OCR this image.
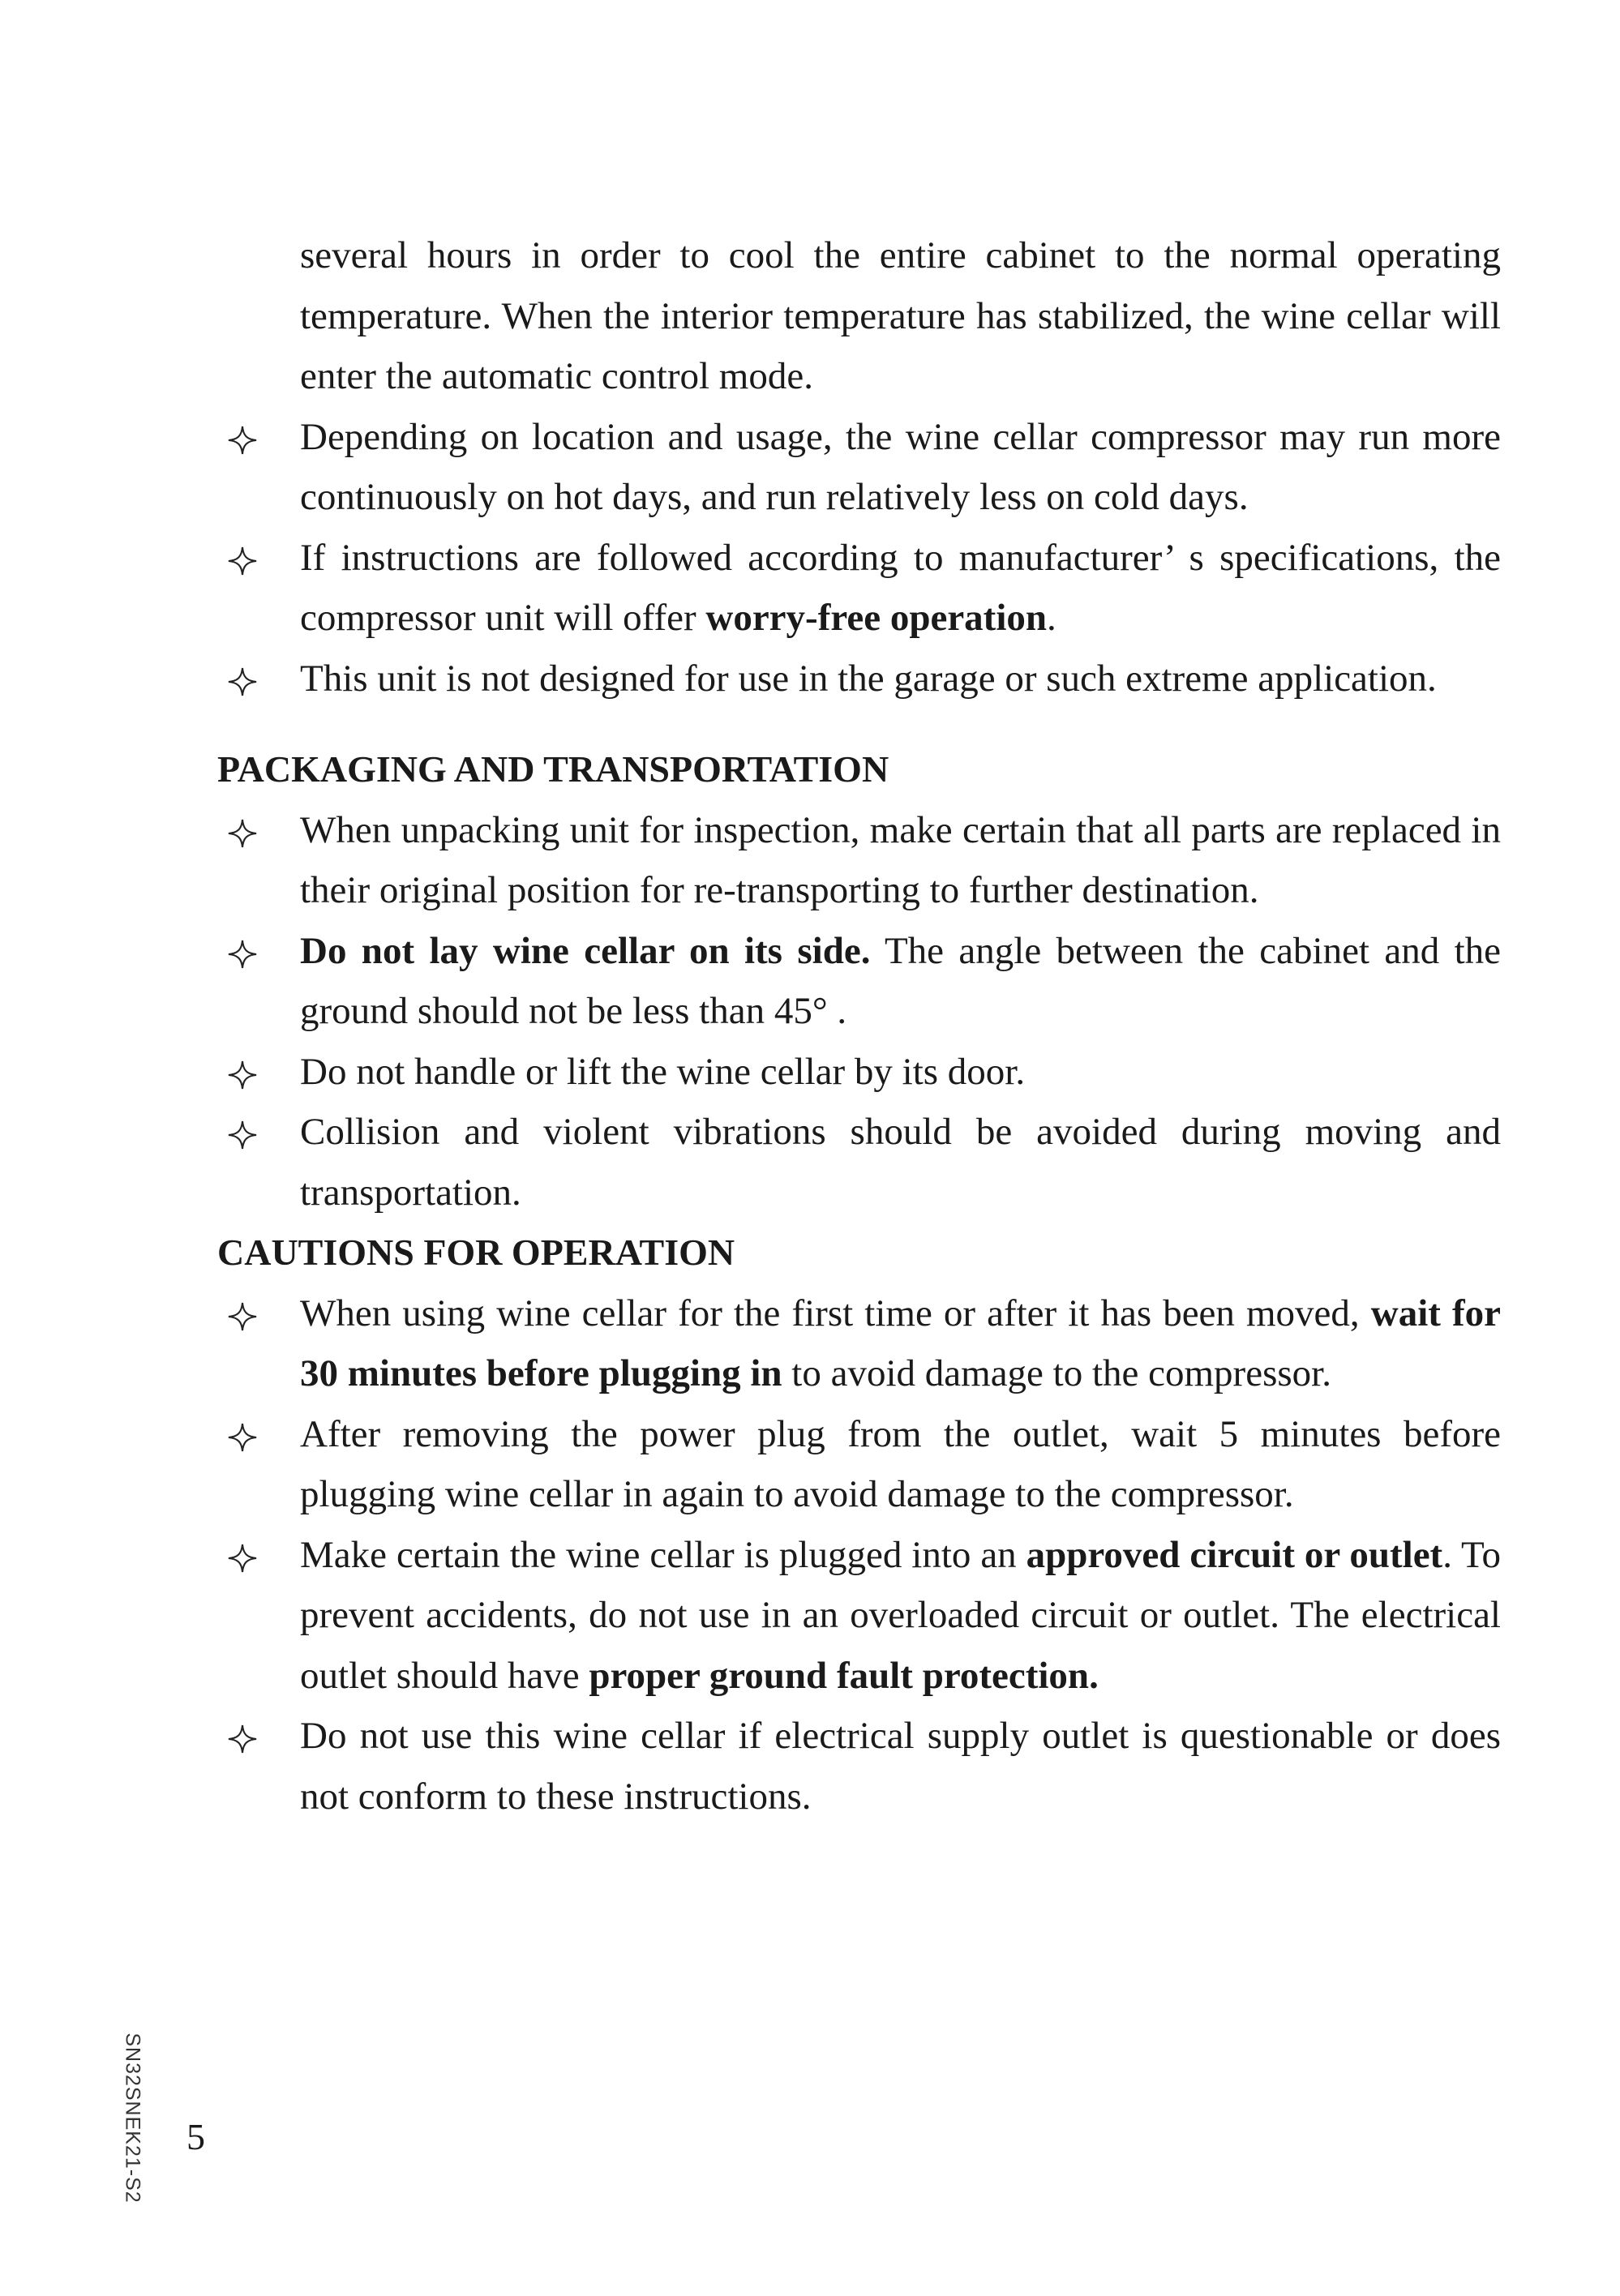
several hours in order to cool the entire cabinet to the normal operating temperature. When the interior temperature has stabilized, the wine cellar will enter the automatic control mode.
Depending on location and usage, the wine cellar compressor may run more continuously on hot days, and run relatively less on cold days.
If instructions are followed according to manufacturer’ s specifications, the compressor unit will offer worry-free operation.
This unit is not designed for use in the garage or such extreme application.
PACKAGING AND TRANSPORTATION
When unpacking unit for inspection, make certain that all parts are replaced in their original position for re-transporting to further destination.
Do not lay wine cellar on its side. The angle between the cabinet and the ground should not be less than 45° .
Do not handle or lift the wine cellar by its door.
Collision and violent vibrations should be avoided during moving and transportation.
CAUTIONS FOR OPERATION
When using wine cellar for the first time or after it has been moved, wait for 30 minutes before plugging in to avoid damage to the compressor.
After removing the power plug from the outlet, wait 5 minutes before plugging wine cellar in again to avoid damage to the compressor.
Make certain the wine cellar is plugged into an approved circuit or outlet. To prevent accidents, do not use in an overloaded circuit or outlet. The electrical outlet should have proper ground fault protection.
Do not use this wine cellar if electrical supply outlet is questionable or does not conform to these instructions.
SN32SNEK21-S2 5
